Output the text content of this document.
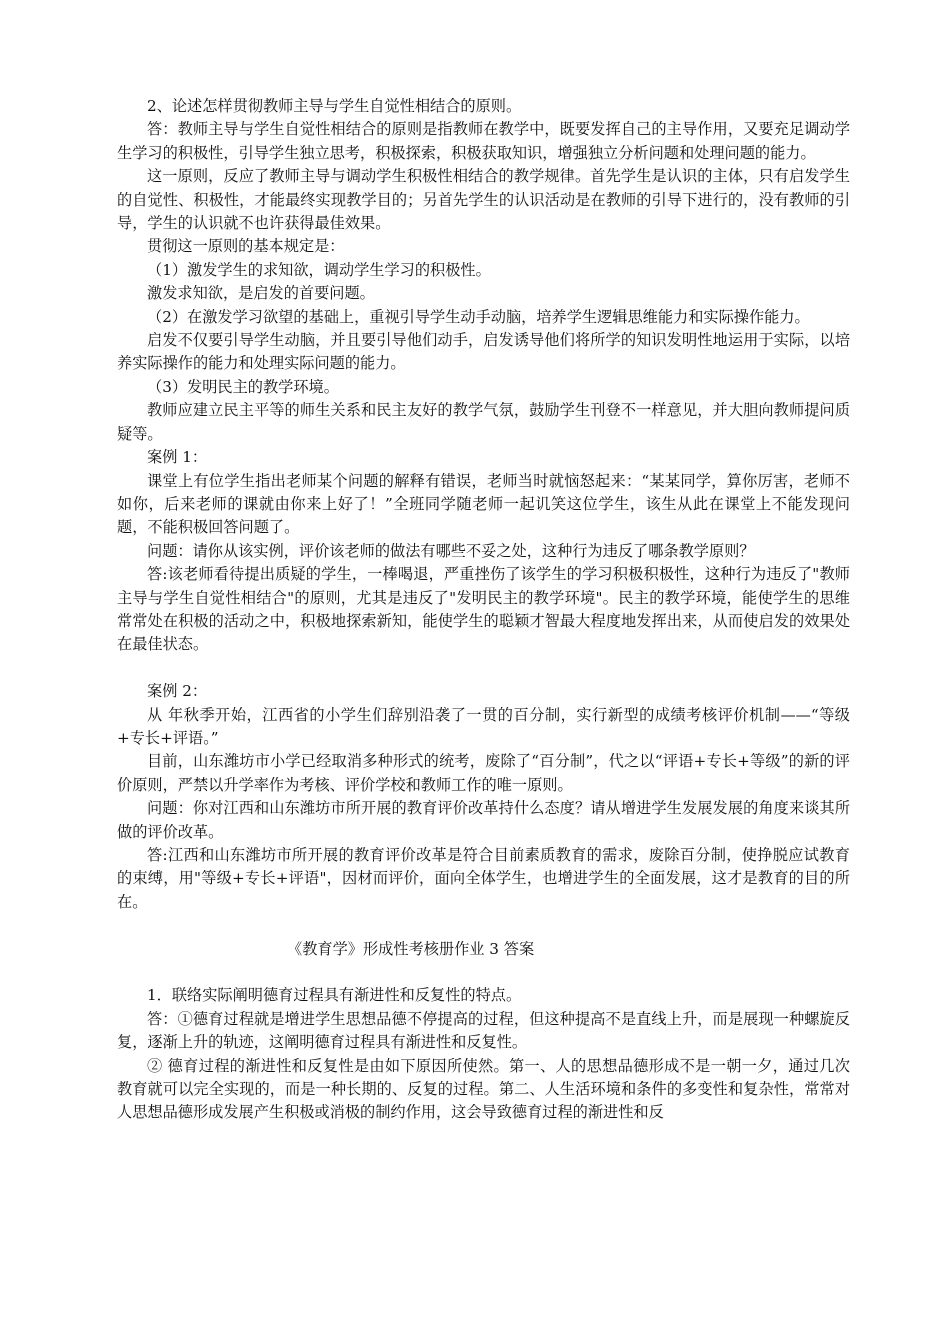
2、论述怎样贯彻教师主导与学生自觉性相结合的原则。

答：教师主导与学生自觉性相结合的原则是指教师在教学中，既要发挥自己的主导作用，又要充足调动学生学习的积极性，引导学生独立思考，积极探索，积极获取知识，增强独立分析问题和处理问题的能力。

这一原则，反应了教师主导与调动学生积极性相结合的教学规律。首先学生是认识的主体，只有启发学生的自觉性、积极性，才能最终实现教学目的；另首先学生的认识活动是在教师的引导下进行的，没有教师的引导，学生的认识就不也许获得最佳效果。

贯彻这一原则的基本规定是：

（1）激发学生的求知欲，调动学生学习的积极性。

激发求知欲，是启发的首要问题。

（2）在激发学习欲望的基础上，重视引导学生动手动脑，培养学生逻辑思维能力和实际操作能力。

启发不仅要引导学生动脑，并且要引导他们动手，启发诱导他们将所学的知识发明性地运用于实际，以培养实际操作的能力和处理实际问题的能力。

（3）发明民主的教学环境。

教师应建立民主平等的师生关系和民主友好的教学气氛，鼓励学生刊登不一样意见，并大胆向教师提问质疑等。

案例 1：

课堂上有位学生指出老师某个问题的解释有错误，老师当时就恼怒起来：“某某同学，算你厉害，老师不如你，后来老师的课就由你来上好了！”全班同学随老师一起讥笑这位学生，该生从此在课堂上不能发现问题，不能积极回答问题了。

问题：请你从该实例，评价该老师的做法有哪些不妥之处，这种行为违反了哪条教学原则？

答:该老师看待提出质疑的学生，一棒喝退，严重挫伤了该学生的学习积极积极性，这种行为违反了"教师主导与学生自觉性相结合"的原则，尤其是违反了"发明民主的教学环境"。民主的教学环境，能使学生的思维常常处在积极的活动之中，积极地探索新知，能使学生的聪颖才智最大程度地发挥出来，从而使启发的效果处在最佳状态。

案例 2：

从 年秋季开始，江西省的小学生们辞别沿袭了一贯的百分制，实行新型的成绩考核评价机制——“等级+专长+评语。”

目前，山东潍坊市小学已经取消多种形式的统考，废除了“百分制”，代之以“评语+专长+等级”的新的评价原则，严禁以升学率作为考核、评价学校和教师工作的唯一原则。

问题：你对江西和山东潍坊市所开展的教育评价改革持什么态度？请从增进学生发展发展的角度来谈其所做的评价改革。

答:江西和山东潍坊市所开展的教育评价改革是符合目前素质教育的需求，废除百分制，使挣脱应试教育的束缚，用"等级+专长+评语"，因材而评价，面向全体学生，也增进学生的全面发展，这才是教育的目的所在。

《教育学》形成性考核册作业 3 答案

1．联络实际阐明德育过程具有渐进性和反复性的特点。

答：①德育过程就是增进学生思想品德不停提高的过程，但这种提高不是直线上升，而是展现一种螺旋反复，逐渐上升的轨迹，这阐明德育过程具有渐进性和反复性。

② 德育过程的渐进性和反复性是由如下原因所使然。第一、人的思想品德形成不是一朝一夕，通过几次教育就可以完全实现的，而是一种长期的、反复的过程。第二、人生活环境和条件的多变性和复杂性，常常对人思想品德形成发展产生积极或消极的制约作用，这会导致德育过程的渐进性和反
